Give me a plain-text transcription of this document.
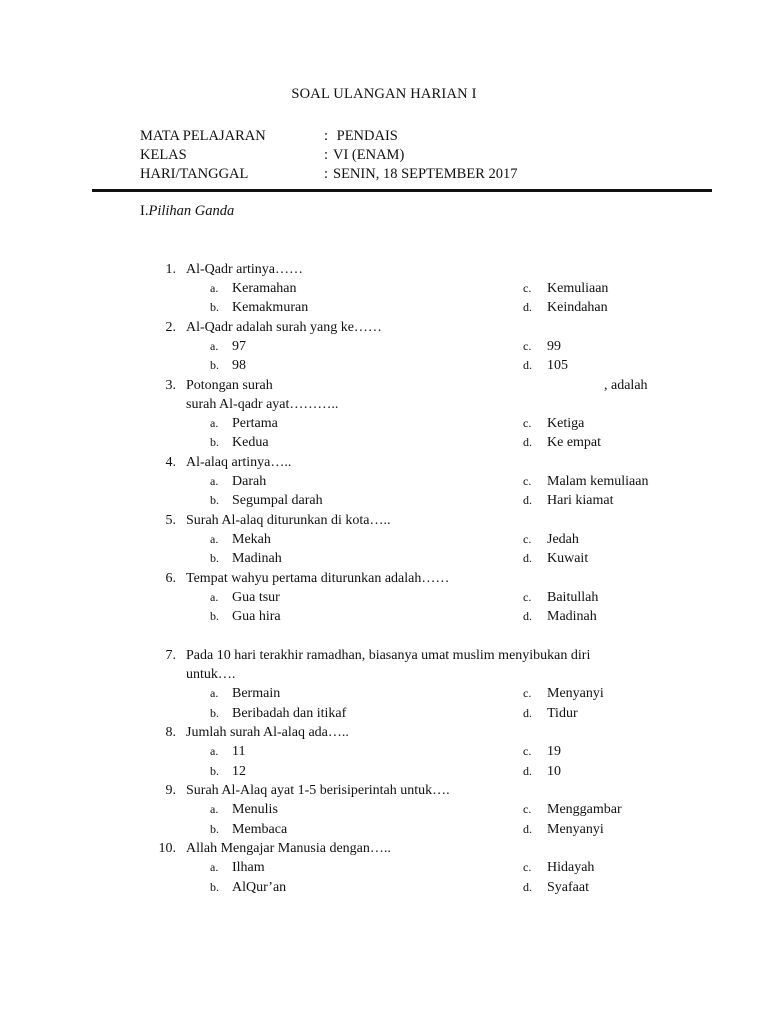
SOAL ULANGAN HARIAN I
MATA PELAJARAN	: PENDAIS
KELAS	: VI (ENAM)
HARI/TANGGAL	: SENIN, 18 SEPTEMBER 2017
I.Pilihan Ganda
1. Al-Qadr artinya……
a. Keramahan	c. Kemuliaan
b. Kemakmuran	d. Keindahan
2. Al-Qadr adalah surah yang ke……
a. 97	c. 99
b. 98	d. 105
3. Potongan surah	, adalah
surah Al-qadr ayat………..
a. Pertama	c. Ketiga
b. Kedua	d. Ke empat
4. Al-alaq artinya…..
a. Darah	c. Malam kemuliaan
b. Segumpal darah	d. Hari kiamat
5. Surah Al-alaq diturunkan di kota…..
a. Mekah	c. Jedah
b. Madinah	d. Kuwait
6. Tempat wahyu pertama diturunkan adalah……
a. Gua tsur	c. Baitullah
b. Gua hira	d. Madinah
7. Pada 10 hari terakhir ramadhan, biasanya umat muslim menyibukan diri
untuk….
a. Bermain	c. Menyanyi
b. Beribadah dan itikaf	d. Tidur
8. Jumlah surah Al-alaq ada…..
a. 11	c. 19
b. 12	d. 10
9. Surah Al-Alaq ayat 1-5 berisiperintah untuk….
a. Menulis	c. Menggambar
b. Membaca	d. Menyanyi
10. Allah Mengajar Manusia dengan…..
a. Ilham	c. Hidayah
b. AlQur’an	d. Syafaat
